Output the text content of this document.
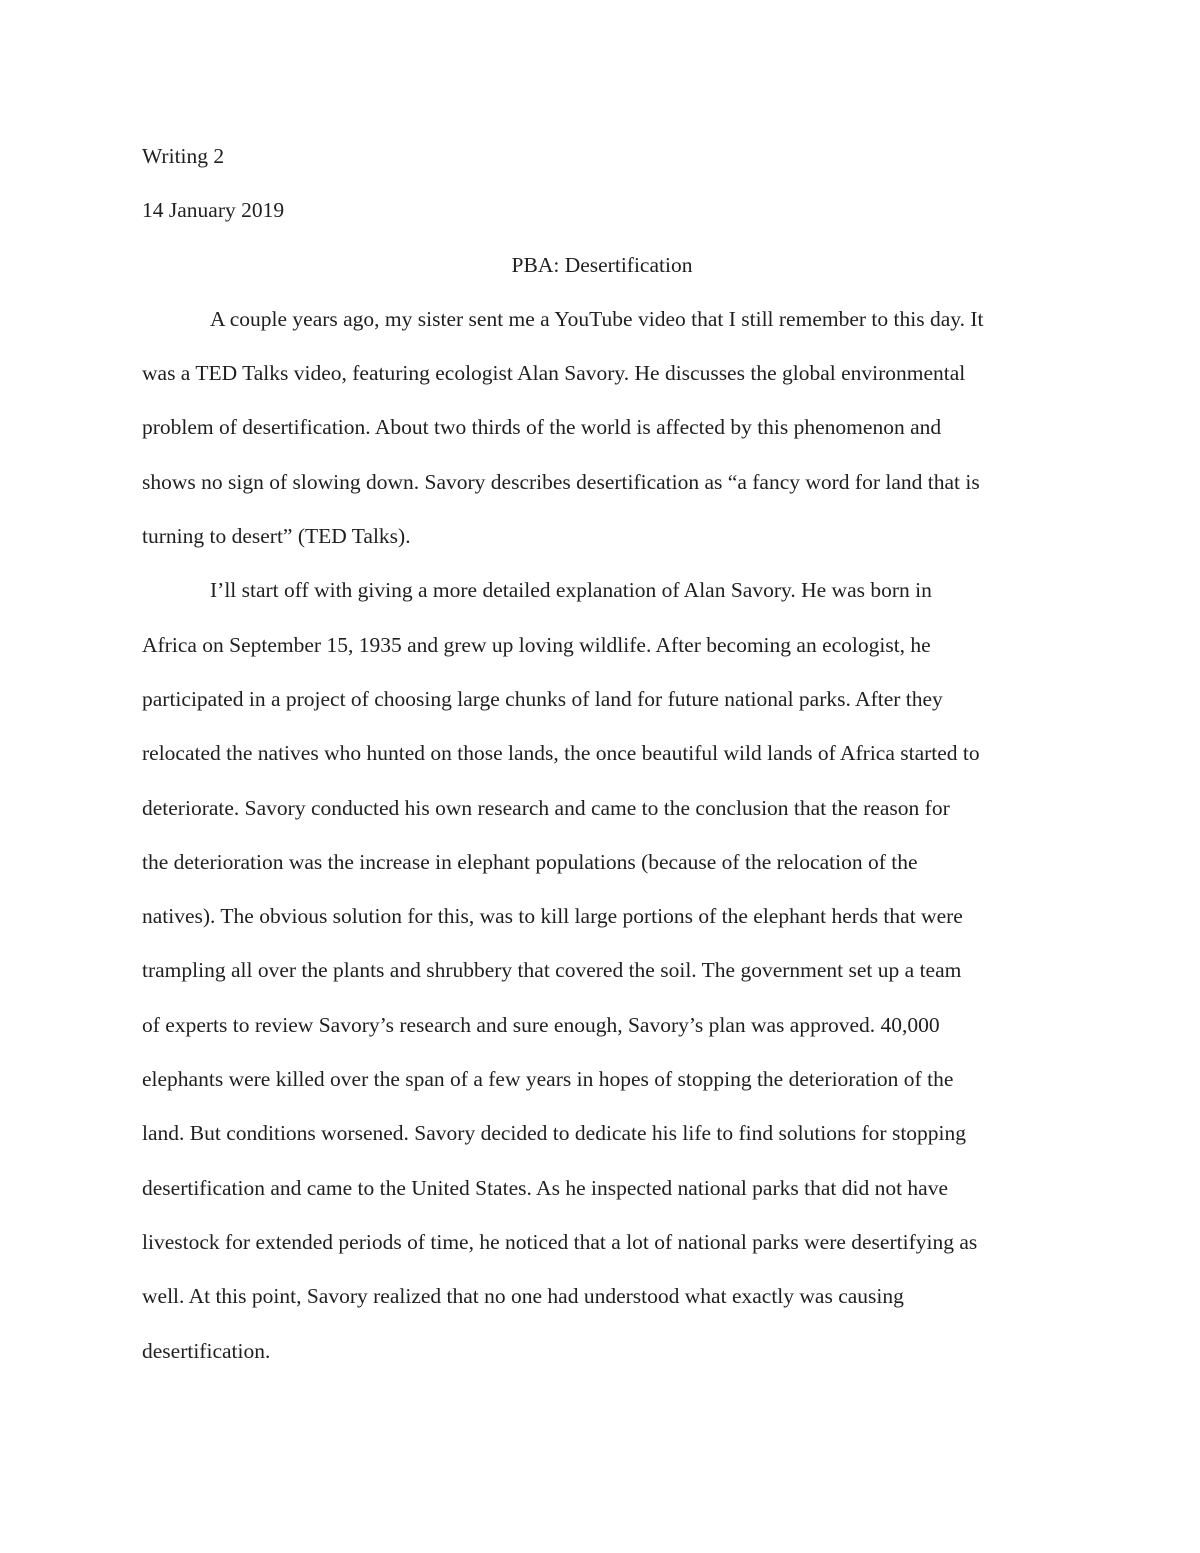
Writing 2
14 January 2019
PBA: Desertification
A couple years ago, my sister sent me a YouTube video that I still remember to this day. It
was a TED Talks video, featuring ecologist Alan Savory. He discusses the global environmental
problem of desertification. About two thirds of the world is affected by this phenomenon and
shows no sign of slowing down. Savory describes desertification as “a fancy word for land that is
turning to desert” (TED Talks).
I’ll start off with giving a more detailed explanation of Alan Savory. He was born in
Africa on September 15, 1935 and grew up loving wildlife. After becoming an ecologist, he
participated in a project of choosing large chunks of land for future national parks. After they
relocated the natives who hunted on those lands, the once beautiful wild lands of Africa started to
deteriorate. Savory conducted his own research and came to the conclusion that the reason for
the deterioration was the increase in elephant populations (because of the relocation of the
natives). The obvious solution for this, was to kill large portions of the elephant herds that were
trampling all over the plants and shrubbery that covered the soil. The government set up a team
of experts to review Savory’s research and sure enough, Savory’s plan was approved. 40,000
elephants were killed over the span of a few years in hopes of stopping the deterioration of the
land. But conditions worsened. Savory decided to dedicate his life to find solutions for stopping
desertification and came to the United States. As he inspected national parks that did not have
livestock for extended periods of time, he noticed that a lot of national parks were desertifying as
well. At this point, Savory realized that no one had understood what exactly was causing
desertification.
